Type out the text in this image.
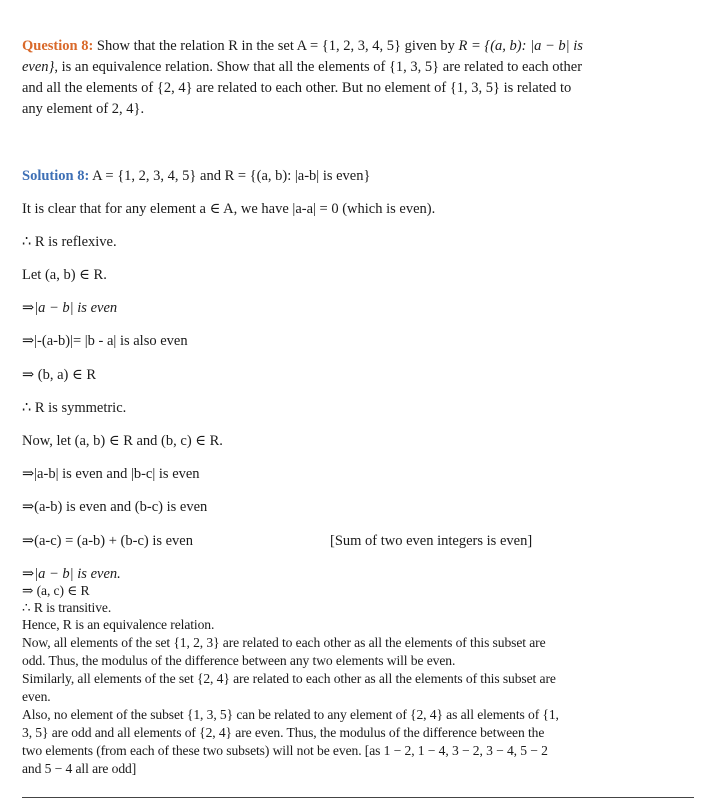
Question 8: Show that the relation R in the set A = {1, 2, 3, 4, 5} given by R = {(a, b): |a − b| is
even}, is an equivalence relation. Show that all the elements of {1, 3, 5} are related to each other
and all the elements of {2, 4} are related to each other. But no element of {1, 3, 5} is related to
any element of 2, 4}.
Solution 8: A = {1, 2, 3, 4, 5} and R = {(a, b): |a-b| is even}
It is clear that for any element a ∈ A, we have |a-a| = 0 (which is even).
∴ R is reflexive.
Let (a, b) ∈ R.
⇒|a − b| is even
⇒|-(a-b)|= |b - a| is also even
⇒ (b, a) ∈ R
∴ R is symmetric.
Now, let (a, b) ∈ R and (b, c) ∈ R.
⇒|a-b| is even and |b-c| is even
⇒(a-b) is even and (b-c) is even
⇒(a-c) = (a-b) + (b-c) is even	[Sum of two even integers is even]
⇒|a − b| is even.
⇒ (a, c) ∈ R
∴ R is transitive.
Hence, R is an equivalence relation.
Now, all elements of the set {1, 2, 3} are related to each other as all the elements of this subset are
odd. Thus, the modulus of the difference between any two elements will be even.
Similarly, all elements of the set {2, 4} are related to each other as all the elements of this subset are
even.
Also, no element of the subset {1, 3, 5} can be related to any element of {2, 4} as all elements of {1,
3, 5} are odd and all elements of {2, 4} are even. Thus, the modulus of the difference between the
two elements (from each of these two subsets) will not be even. [as 1 − 2, 1 − 4, 3 − 2, 3 − 4, 5 − 2
and 5 − 4 all are odd]
